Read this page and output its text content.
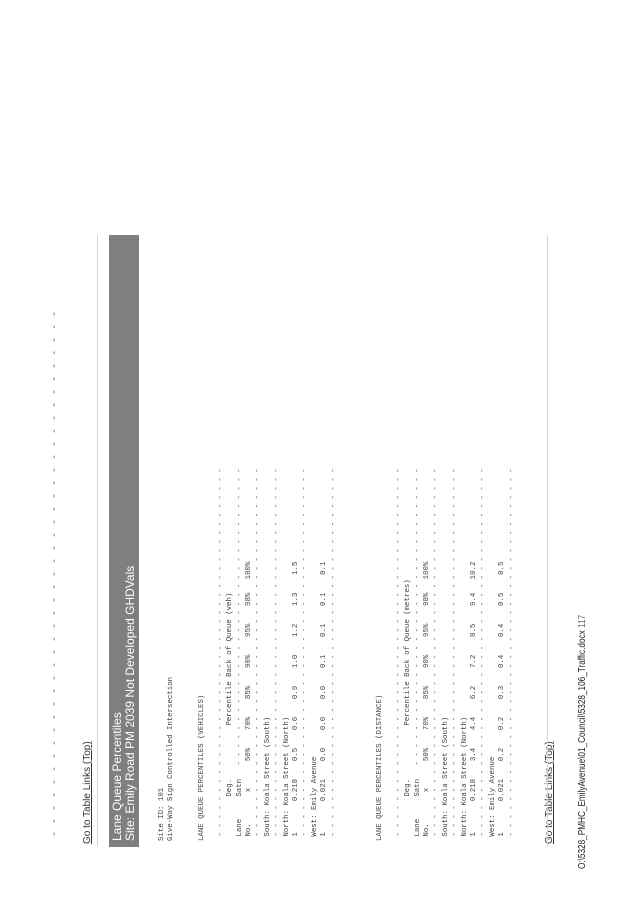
- - - - - - - - - - - - - - - - - - - - - - - - - - - - - - - - - - - - - - - - - Go to Table Links (Top) Lane Queue Percentiles Site: Emily Road PM 2039 Not Developed GHDVals	Site ID: 101
Give-Way Sign Controlled Intersection	LANE QUEUE PERCENTILES (VEHICLES)

- - - - - - - - - - - - - - - - - - - - - - - - - - - - - - - - - - - - - - - - - -
Deg.            Percentile Back of Queue (veh)
Lane     Satn   - - - - - - - - - - - - - - - - - - - - - - - - - - - - - - - - - -
No.       x      50%    70%    85%    90%    95%    98%   100%
- - - - - - - - - - - - - - - - - - - - - - - - - - - - - - - - - - - - - - - - - -
South: Koala Street (South)
- - - - - - - - - - - - - - - - - - - - - - - - - - - - - - - - - - - - - - - - - -
North: Koala Street (North)
1       0.218    0.5    0.6    0.9    1.0    1.2    1.3    1.5
- - - - - - - - - - - - - - - - - - - - - - - - - - - - - - - - - - - - - - - - - -
West: Emily Avenue
1       0.021    0.0    0.0    0.0    0.1    0.1    0.1    0.1
- - - - - - - - - - - - - - - - - - - - - - - - - - - - - - - - - - - - - - - - - -
LANE QUEUE PERCENTILES (DISTANCE)

- - - - - - - - - - - - - - - - - - - - - - - - - - - - - - - - - - - - - - - - - -
Deg.            Percentile Back of Queue (metres)
Lane     Satn   - - - - - - - - - - - - - - - - - - - - - - - - - - - - - - - - - -
No.       x      50%    70%    85%    90%    95%    98%   100%
- - - - - - - - - - - - - - - - - - - - - - - - - - - - - - - - - - - - - - - - - -
South: Koala Street (South)
- - - - - - - - - - - - - - - - - - - - - - - - - - - - - - - - - - - - - - - - - -
North: Koala Street (North)
1       0.218    3.4    4.4    6.2    7.2    8.5    9.4   10.2
- - - - - - - - - - - - - - - - - - - - - - - - - - - - - - - - - - - - - - - - - -
West: Emily Avenue
1       0.021    0.2    0.2    0.3    0.4    0.4    0.5    0.5
- - - - - - - - - - - - - - - - - - - - - - - - - - - - - - - - - - - - - - - - - -
Go to Table Links (Top) O:\5328_PMHC_EmilyAvenue\01_Council\5328_106_Traffic.docx117
